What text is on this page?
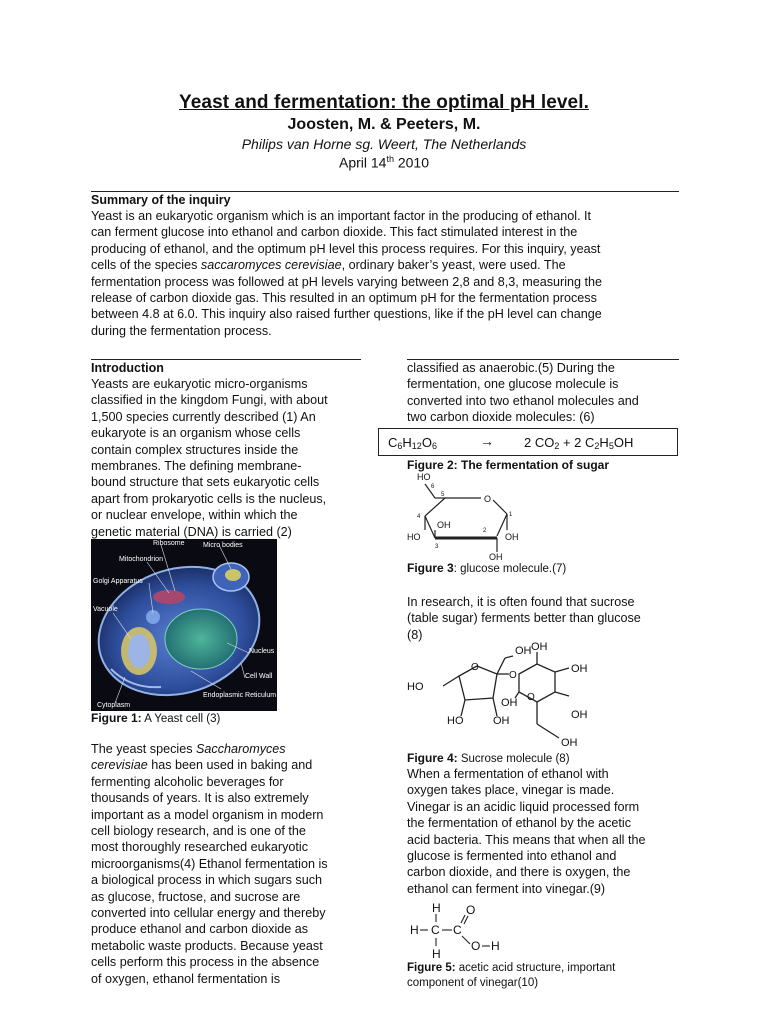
Yeast and fermentation: the optimal pH level.
Joosten, M. & Peeters, M.
Philips van Horne sg. Weert, The Netherlands
April 14th 2010
Summary of the inquiry
Yeast is an eukaryotic organism which is an important factor in the producing of ethanol. It
can ferment glucose into ethanol and carbon dioxide. This fact stimulated interest in the
producing of ethanol, and the optimum pH level this process requires. For this inquiry, yeast
cells of the species saccaromyces cerevisiae, ordinary baker’s yeast, were used. The
fermentation process was followed at pH levels varying between 2,8 and 8,3, measuring the
release of carbon dioxide gas. This resulted in an optimum pH for the fermentation process
between 4.8 at 6.0. This inquiry also raised further questions, like if the pH level can change
during the fermentation process.
Introduction
Yeasts are eukaryotic micro-organisms
classified in the kingdom Fungi, with about
1,500 species currently described (1) An
eukaryote is an organism whose cells
contain complex structures inside the
membranes. The defining membrane-
bound structure that sets eukaryotic cells
apart from prokaryotic cells is the nucleus,
or nuclear envelope, within which the
genetic material (DNA) is carried (2)
Ribosome	Micro bodies
Mitochondrion
Golgi Apparatus
Vacuole
Nucleus
Cell Wall
Endoplasmic Reticulum
Cytoplasm
Figure 1: A Yeast cell (3)
The yeast species Saccharomyces
cerevisiae has been used in baking and
fermenting alcoholic beverages for
thousands of years. It is also extremely
important as a model organism in modern
cell biology research, and is one of the
most thoroughly researched eukaryotic
microorganisms(4) Ethanol fermentation is
a biological process in which sugars such
as glucose, fructose, and sucrose are
converted into cellular energy and thereby
produce ethanol and carbon dioxide as
metabolic waste products. Because yeast
cells perform this process in the absence
of oxygen, ethanol fermentation is
classified as anaerobic.(5) During the
fermentation, one glucose molecule is
converted into two ethanol molecules and
two carbon dioxide molecules: (6)
$C_6H_{12}O_6$	→ 2 $CO_2 + 2$ $C_2H_5OH$
Figure 2: The fermentation of sugar
HO
6
5	O
4
OH
1
HO
3
2
OH
OH
Figure 3: glucose molecule.(7)
In research, it is often found that sucrose
(table sugar) ferments better than glucose
(8)
OH OH
HO
O
O
O
OH
OH
HO	OH
OH
OH
Figure 4: Sucrose molecule (8)
When a fermentation of ethanol with
oxygen takes place, vinegar is made.
Vinegar is an acidic liquid processed form
the fermentation of ethanol by the acetic
acid bacteria. This means that when all the
glucose is fermented into ethanol and
carbon dioxide, and there is oxygen, the
ethanol can ferment into vinegar.(9)
H O
H C C
O H
H
Figure 5: acetic acid structure, important
component of vinegar(10)
